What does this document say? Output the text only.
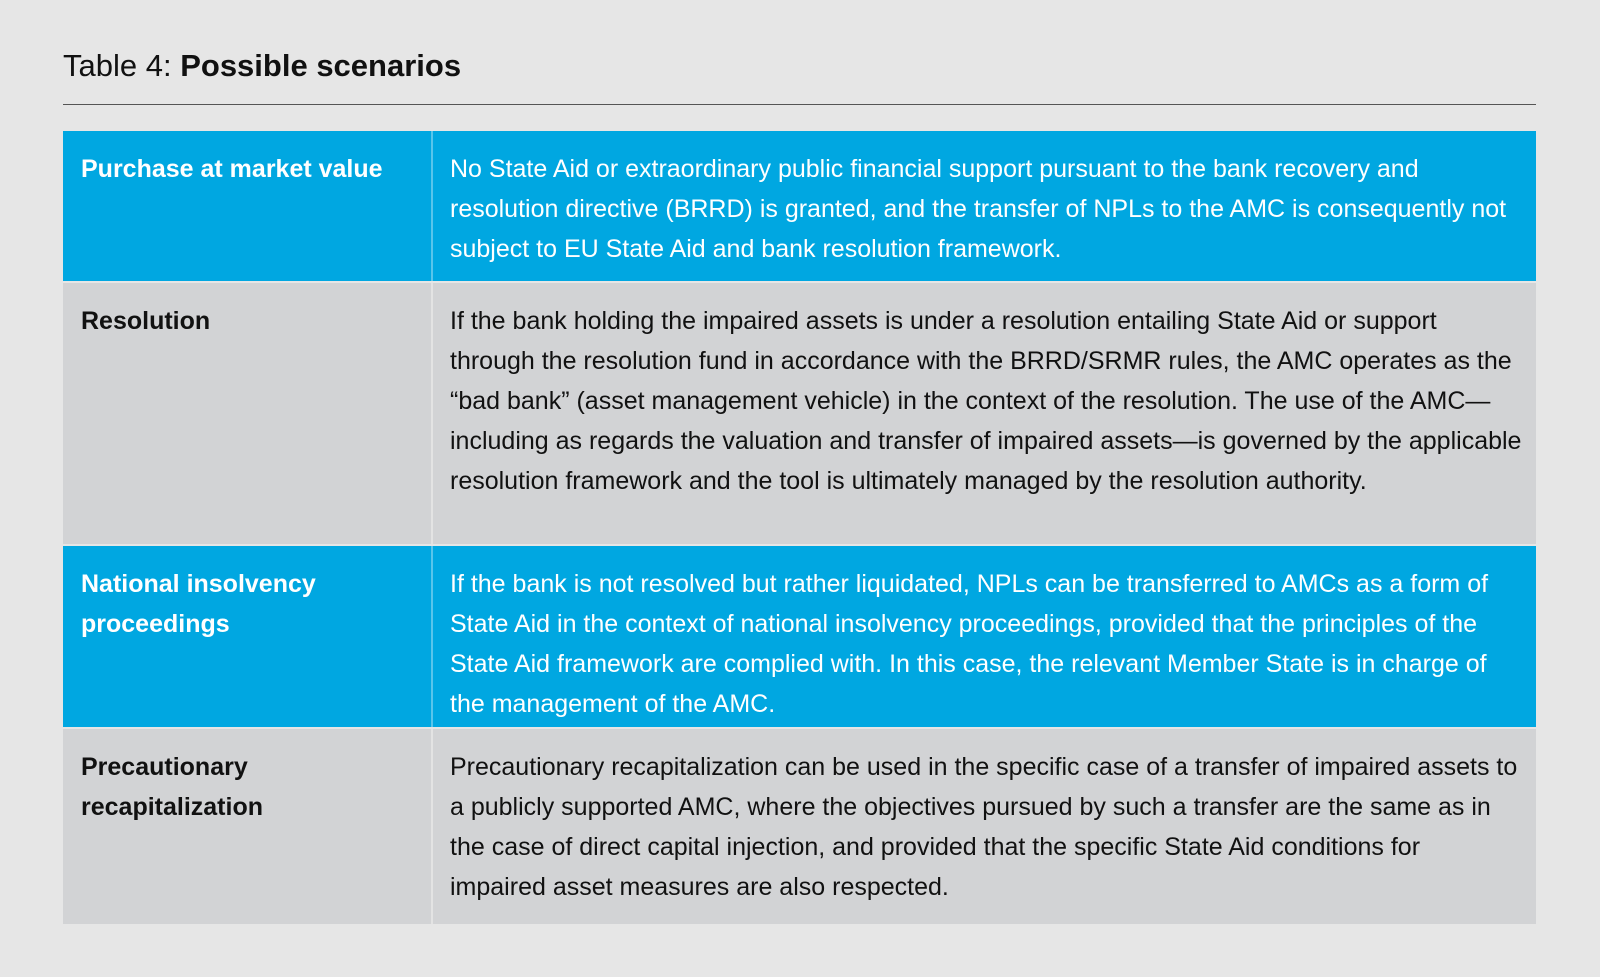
Table 4: Possible scenarios
Purchase at market value	No State Aid or extraordinary public financial support pursuant to the bank recovery and resolution directive (BRRD) is granted, and the transfer of NPLs to the AMC is consequently not subject to EU State Aid and bank resolution framework.
Resolution	If the bank holding the impaired assets is under a resolution entailing State Aid or support through the resolution fund in accordance with the BRRD/SRMR rules, the AMC operates as the “bad bank” (asset management vehicle) in the context of the resolution. The use of the AMC—including as regards the valuation and transfer of impaired assets—is governed by the applicable resolution framework and the tool is ultimately managed by the resolution authority.
National insolvency proceedings
If the bank is not resolved but rather liquidated, NPLs can be transferred to AMCs as a form of State Aid in the context of national insolvency proceedings, provided that the principles of the State Aid framework are complied with. In this case, the relevant Member State is in charge of the management of the AMC.
Precautionary recapitalization
Precautionary recapitalization can be used in the specific case of a transfer of impaired assets to a publicly supported AMC, where the objectives pursued by such a transfer are the same as in the case of direct capital injection, and provided that the specific State Aid conditions for impaired asset measures are also respected.
